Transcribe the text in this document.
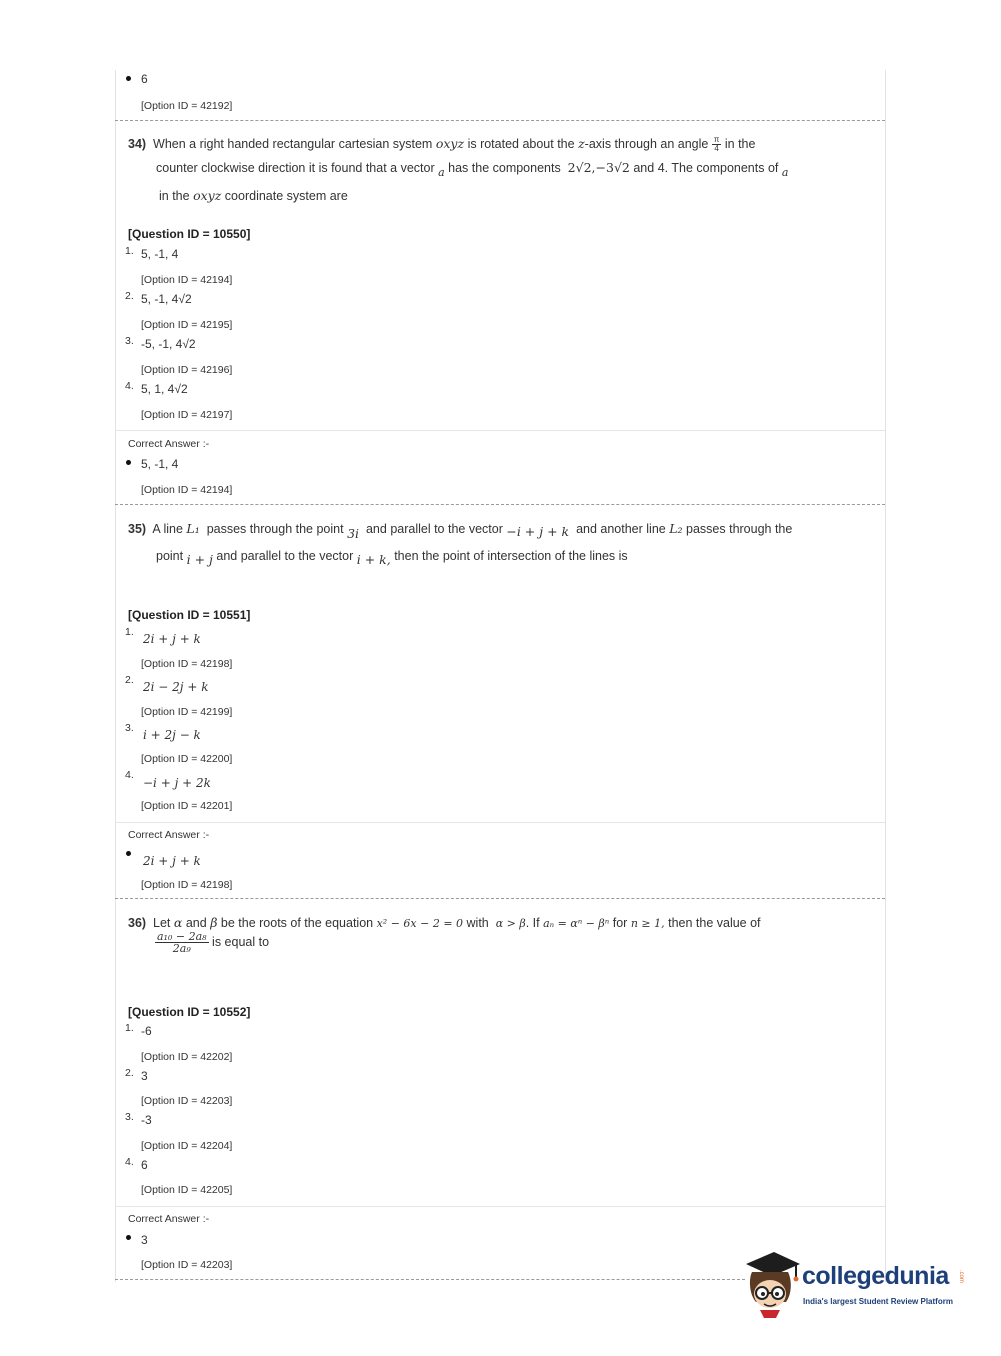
6
[Option ID = 42192]
34) When a right handed rectangular cartesian system oxyz is rotated about the z-axis through an angle $\frac{\pi}{4}$ in the
counter clockwise direction it is found that a vector a has the components 2√2,−3√2 and 4. The components of a
in the oxyz coordinate system are
[Question ID = 10550]
1. 5, -1, 4
[Option ID = 42194]
2. 5, -1, 4√2
[Option ID = 42195]
3. -5, -1, 4√2
[Option ID = 42196]
4. 5, 1, 4√2
[Option ID = 42197]
Correct Answer :-
5, -1, 4
[Option ID = 42194]
35) A line L₁ passes through the point 3i and parallel to the vector −i + j + k and another line L₂ passes through the
point i + j and parallel to the vector i + k, then the point of intersection of the lines is
[Question ID = 10551]
1. 2i + j + k
[Option ID = 42198]
2. 2i − 2j + k
[Option ID = 42199]
3. i + 2j − k
[Option ID = 42200]
4.
−i + j + 2k
[Option ID = 42201]
Correct Answer :-
2i + j + k
[Option ID = 42198]
36) Let α and β be the roots of the equation x² − 6x − 2 = 0 with α > β. If aₙ = αⁿ − βⁿ for n ≥ 1, then the value of
$\frac{\text{a₁₀ − 2a₈}}{\text{2a₉}}$ is equal to
[Question ID = 10552]
1. -6
[Option ID = 42202]
2. 3
[Option ID = 42203]
3. -3
[Option ID = 42204]
4. 6
[Option ID = 42205]
Correct Answer :-
3
[Option ID = 42203]	collegedunia .com
India's largest Student Review Platform
